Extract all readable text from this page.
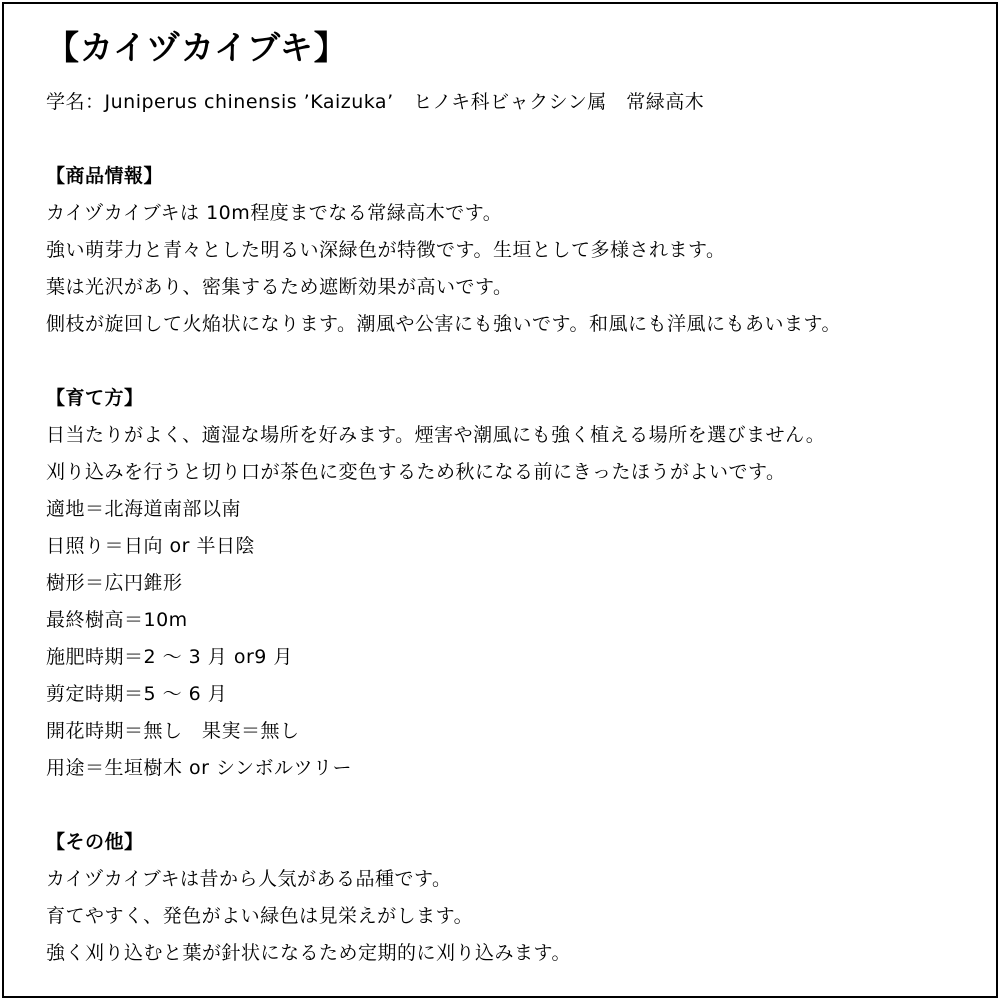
【カイヅカイブキ】
学名：Juniperus chinensis ’Kaizuka’　ヒノキ科ビャクシン属　常緑高木
【商品情報】
カイヅカイブキは 10m程度までなる常緑高木です。
強い萌芽力と青々とした明るい深緑色が特徴です。生垣として多様されます。
葉は光沢があり、密集するため遮断効果が高いです。
側枝が旋回して火焔状になります。潮風や公害にも強いです。和風にも洋風にもあいます。
【育て方】
日当たりがよく、適湿な場所を好みます。煙害や潮風にも強く植える場所を選びません。
刈り込みを行うと切り口が茶色に変色するため秋になる前にきったほうがよいです。
適地＝北海道南部以南
日照り＝日向 or 半日陰
樹形＝広円錐形
最終樹高＝10m
施肥時期＝2 ～ 3 月 or9 月
剪定時期＝5 ～ 6 月
開花時期＝無し　果実＝無し
用途＝生垣樹木 or シンボルツリー
【その他】
カイヅカイブキは昔から人気がある品種です。
育てやすく、発色がよい緑色は見栄えがします。
強く刈り込むと葉が針状になるため定期的に刈り込みます。
